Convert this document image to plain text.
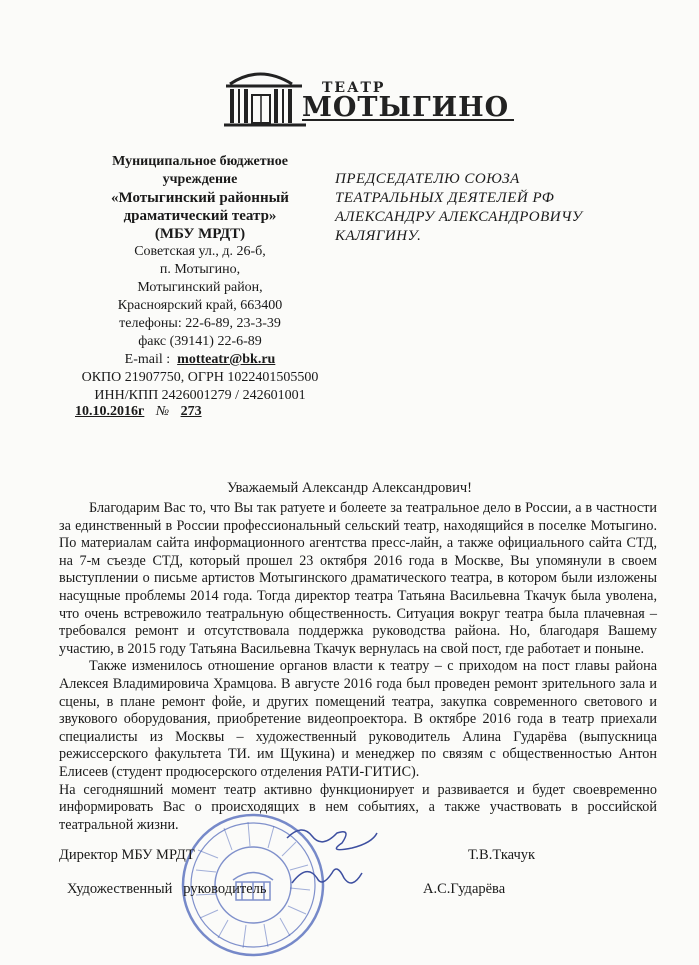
ТЕАТР
МОТЫГИНО
Муниципальное бюджетное
учреждение
«Мотыгинский районный
драматический театр»
(МБУ МРДТ)
Советская ул., д. 26-б,
п. Мотыгино,
Мотыгинский район,
Красноярский край, 663400
телефоны: 22-6-89, 23-3-39
факс (39141) 22-6-89
E-mail : motteatr@bk.ru
ОКПО 21907750, ОГРН 1022401505500
ИНН/КПП 2426001279 / 242601001
ПРЕДСЕДАТЕЛЮ СОЮЗА
ТЕАТРАЛЬНЫХ ДЕЯТЕЛЕЙ РФ
АЛЕКСАНДРУ АЛЕКСАНДРОВИЧУ
КАЛЯГИНУ.
10.10.2016г № 273
Уважаемый Александр Александрович!

Благодарим Вас то, что Вы так ратуете и болеете за театральное дело в России, а в частности за единственный в России профессиональный сельский театр, находящийся в поселке Мотыгино. По материалам сайта информационного агентства пресс-лайн, а также официального сайта СТД, на 7-м съезде СТД, который прошел 23 октября 2016 года в Москве, Вы упомянули в своем выступлении о письме артистов Мотыгинского драматического театра, в котором были изложены насущные проблемы 2014 года. Тогда директор театра Татьяна Васильевна Ткачук была уволена, что очень встревожило театральную общественность. Ситуация вокруг театра была плачевная – требовался ремонт и отсутствовала поддержка руководства района. Но, благодаря Вашему участию, в 2015 году Татьяна Васильевна Ткачук вернулась на свой пост, где работает и поныне.

Также изменилось отношение органов власти к театру – с приходом на пост главы района Алексея Владимировича Храмцова. В августе 2016 года был проведен ремонт зрительного зала и сцены, в плане ремонт фойе, и других помещений театра, закупка современного светового и звукового оборудования, приобретение видеопроектора. В октябре 2016 года в театр приехали специалисты из Москвы – художественный руководитель Алина Гударёва (выпускница режиссерского факультета ТИ. им Щукина) и менеджер по связям с общественностью Антон Елисеев (студент продюсерского отделения РАТИ-ГИТИС).

На сегодняшний момент театр активно функционирует и развивается и будет своевременно информировать Вас о происходящих в нем событиях, а также участвовать в российской театральной жизни.

Директор МБУ МРДТ	Т.В.Ткачук
Художественный   руководитель	А.С.Гударёва
